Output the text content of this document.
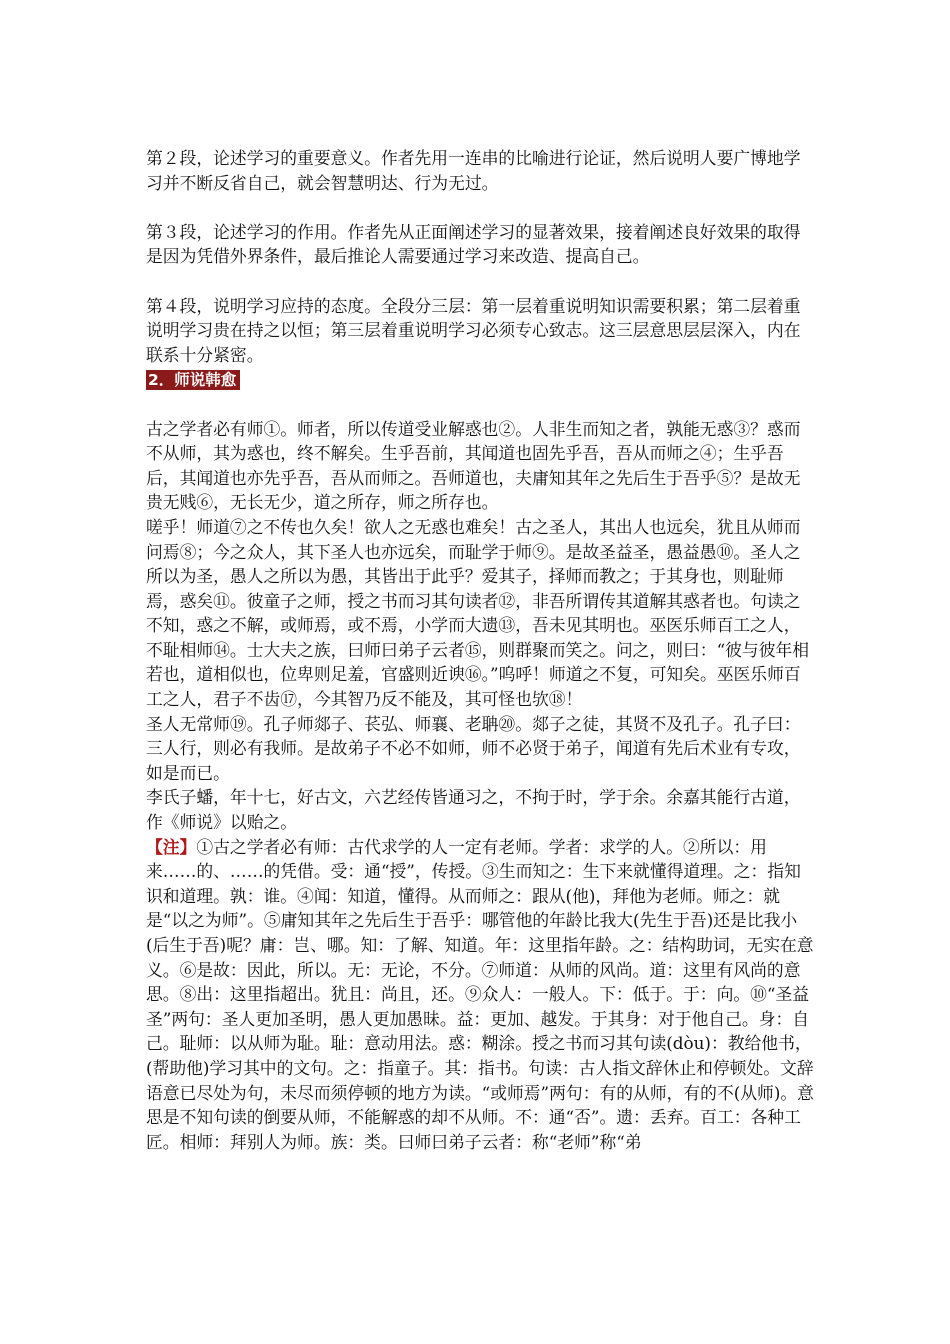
第２段，论述学习的重要意义。作者先用一连串的比喻进行论证，然后说明人要广博地学习并不断反省自己，就会智慧明达、行为无过。

第３段，论述学习的作用。作者先从正面阐述学习的显著效果，接着阐述良好效果的取得是因为凭借外界条件，最后推论人需要通过学习来改造、提高自己。

第４段，说明学习应持的态度。全段分三层：第一层着重说明知识需要积累；第二层着重说明学习贵在持之以恒；第三层着重说明学习必须专心致志。这三层意思层层深入，内在联系十分紧密。

2．师说韩愈

古之学者必有师①。师者，所以传道受业解惑也②。人非生而知之者，孰能无惑③？惑而不从师，其为惑也，终不解矣。生乎吾前，其闻道也固先乎吾，吾从而师之④；生乎吾后，其闻道也亦先乎吾，吾从而师之。吾师道也，夫庸知其年之先后生于吾乎⑤？是故无贵无贱⑥，无长无少，道之所存，师之所存也。

嗟乎！师道⑦之不传也久矣！欲人之无惑也难矣！古之圣人，其出人也远矣，犹且从师而问焉⑧；今之众人，其下圣人也亦远矣，而耻学于师⑨。是故圣益圣，愚益愚⑩。圣人之所以为圣，愚人之所以为愚，其皆出于此乎？爱其子，择师而教之；于其身也，则耻师焉，惑矣⑪。彼童子之师，授之书而习其句读者⑫，非吾所谓传其道解其惑者也。句读之不知，惑之不解，或师焉，或不焉，小学而大遗⑬，吾未见其明也。巫医乐师百工之人，不耻相师⑭。士大夫之族，曰师曰弟子云者⑮，则群聚而笑之。问之，则曰：“彼与彼年相若也，道相似也，位卑则足羞，官盛则近谀⑯。”呜呼！师道之不复，可知矣。巫医乐师百工之人，君子不齿⑰，今其智乃反不能及，其可怪也欤⑱！

圣人无常师⑲。孔子师郯子、苌弘、师襄、老聃⑳。郯子之徒，其贤不及孔子。孔子曰：三人行，则必有我师。是故弟子不必不如师，师不必贤于弟子，闻道有先后术业有专攻，如是而已。

李氏子蟠，年十七，好古文，六艺经传皆通习之，不拘于时，学于余。余嘉其能行古道，作《师说》以贻之。

【注】①古之学者必有师：古代求学的人一定有老师。学者：求学的人。②所以：用来……的、……的凭借。受：通“授”，传授。③生而知之：生下来就懂得道理。之：指知识和道理。孰：谁。④闻：知道，懂得。从而师之：跟从(他)，拜他为老师。师之：就是“以之为师”。⑤庸知其年之先后生于吾乎：哪管他的年龄比我大(先生于吾)还是比我小(后生于吾)呢？庸：岂、哪。知：了解、知道。年：这里指年龄。之：结构助词，无实在意义。⑥是故：因此，所以。无：无论，不分。⑦师道：从师的风尚。道：这里有风尚的意思。⑧出：这里指超出。犹且：尚且，还。⑨众人：一般人。下：低于。于：向。⑩“圣益圣”两句：圣人更加圣明，愚人更加愚昧。益：更加、越发。于其身：对于他自己。身：自己。耻师：以从师为耻。耻：意动用法。惑：糊涂。授之书而习其句读(dòu)：教给他书，(帮助他)学习其中的文句。之：指童子。其：指书。句读：古人指文辞休止和停顿处。文辞语意已尽处为句，未尽而须停顿的地方为读。“或师焉”两句：有的从师，有的不(从师)。意思是不知句读的倒要从师，不能解惑的却不从师。不：通“否”。遗：丢弃。百工：各种工匠。相师：拜别人为师。族：类。曰师曰弟子云者：称“老师”称“弟
